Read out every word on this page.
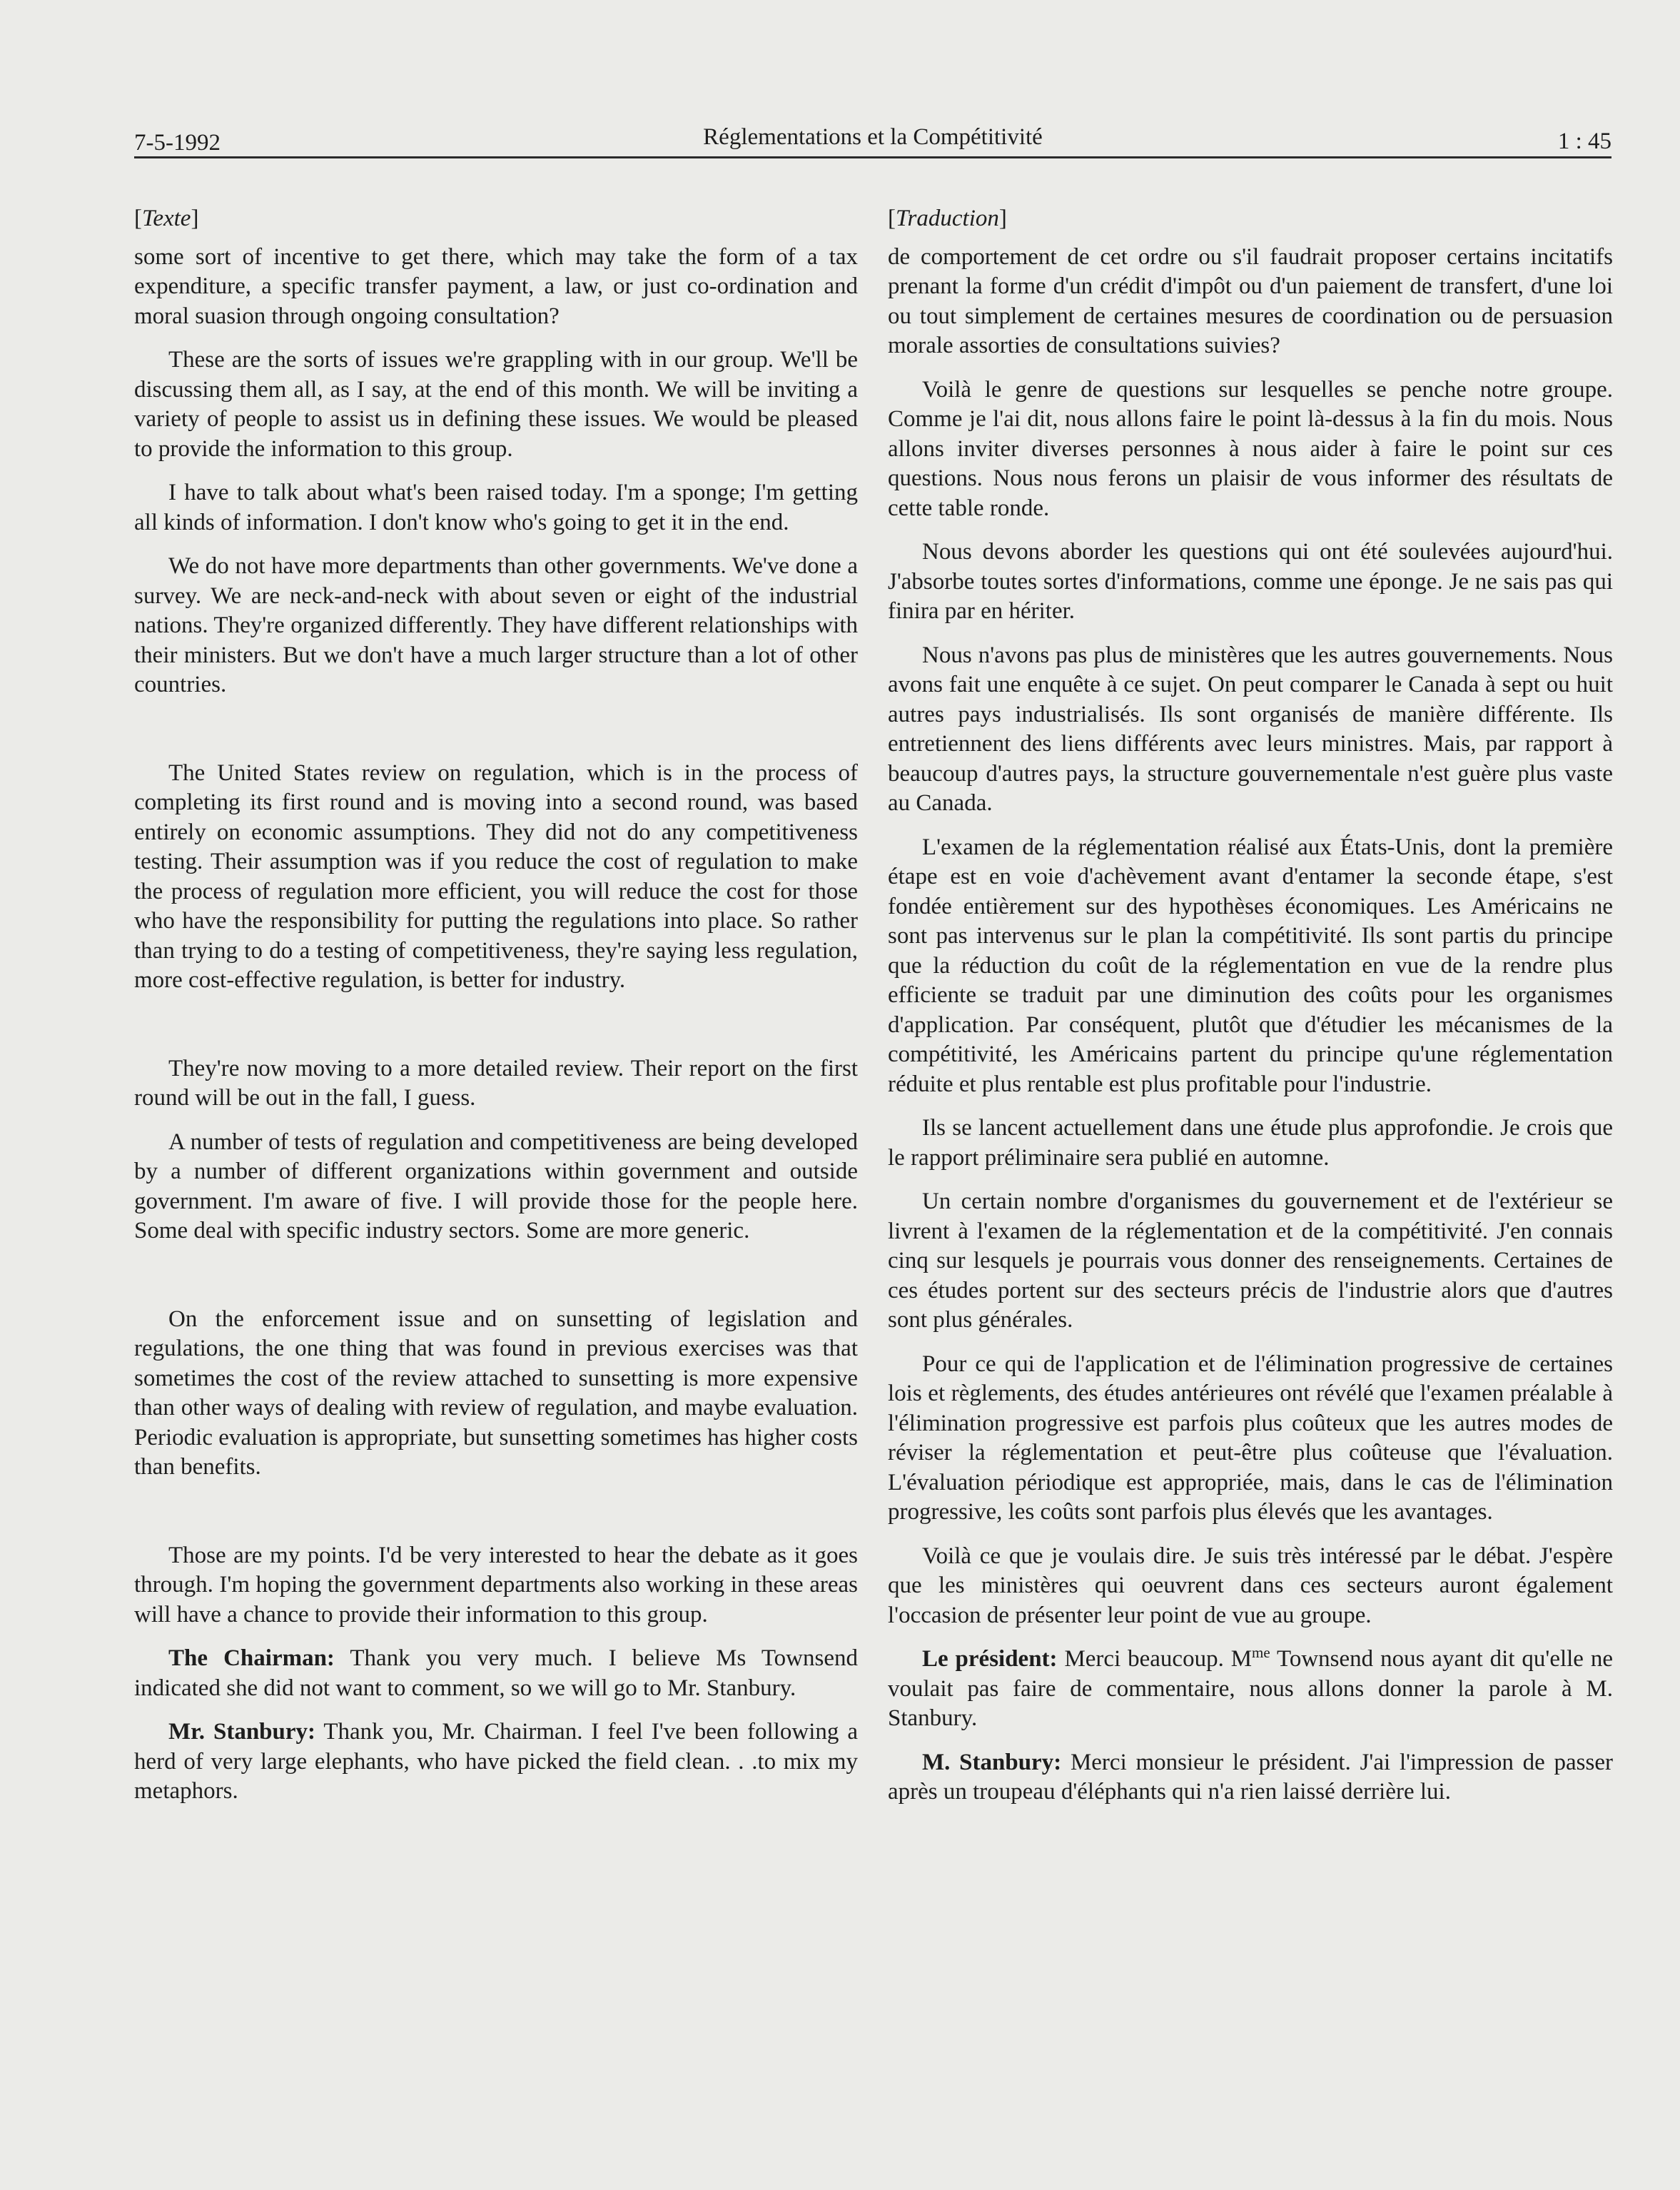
7-5-1992	Réglementations et la Compétitivité	1 : 45
[Texte]

some sort of incentive to get there, which may take the form of a tax expenditure, a specific transfer payment, a law, or just co-ordination and moral suasion through ongoing consultation?

These are the sorts of issues we're grappling with in our group. We'll be discussing them all, as I say, at the end of this month. We will be inviting a variety of people to assist us in defining these issues. We would be pleased to provide the information to this group.

I have to talk about what's been raised today. I'm a sponge; I'm getting all kinds of information. I don't know who's going to get it in the end.

We do not have more departments than other governments. We've done a survey. We are neck-and-neck with about seven or eight of the industrial nations. They're organized differently. They have different relationships with their ministers. But we don't have a much larger structure than a lot of other countries.

The United States review on regulation, which is in the process of completing its first round and is moving into a second round, was based entirely on economic assumptions. They did not do any competitiveness testing. Their assumption was if you reduce the cost of regulation to make the process of regulation more efficient, you will reduce the cost for those who have the responsibility for putting the regulations into place. So rather than trying to do a testing of competitiveness, they're saying less regulation, more cost-effective regulation, is better for industry.

They're now moving to a more detailed review. Their report on the first round will be out in the fall, I guess.

A number of tests of regulation and competitiveness are being developed by a number of different organizations within government and outside government. I'm aware of five. I will provide those for the people here. Some deal with specific industry sectors. Some are more generic.

On the enforcement issue and on sunsetting of legislation and regulations, the one thing that was found in previous exercises was that sometimes the cost of the review attached to sunsetting is more expensive than other ways of dealing with review of regulation, and maybe evaluation. Periodic evaluation is appropriate, but sunsetting sometimes has higher costs than benefits.

Those are my points. I'd be very interested to hear the debate as it goes through. I'm hoping the government departments also working in these areas will have a chance to provide their information to this group.

The Chairman: Thank you very much. I believe Ms Townsend indicated she did not want to comment, so we will go to Mr. Stanbury.

Mr. Stanbury: Thank you, Mr. Chairman. I feel I've been following a herd of very large elephants, who have picked the field clean. . .to mix my metaphors.

[Traduction]

de comportement de cet ordre ou s'il faudrait proposer certains incitatifs prenant la forme d'un crédit d'impôt ou d'un paiement de transfert, d'une loi ou tout simplement de certaines mesures de coordination ou de persuasion morale assorties de consultations suivies?

Voilà le genre de questions sur lesquelles se penche notre groupe. Comme je l'ai dit, nous allons faire le point là-dessus à la fin du mois. Nous allons inviter diverses personnes à nous aider à faire le point sur ces questions. Nous nous ferons un plaisir de vous informer des résultats de cette table ronde.

Nous devons aborder les questions qui ont été soulevées aujourd'hui. J'absorbe toutes sortes d'informations, comme une éponge. Je ne sais pas qui finira par en hériter.

Nous n'avons pas plus de ministères que les autres gouvernements. Nous avons fait une enquête à ce sujet. On peut comparer le Canada à sept ou huit autres pays industrialisés. Ils sont organisés de manière différente. Ils entretiennent des liens différents avec leurs ministres. Mais, par rapport à beaucoup d'autres pays, la structure gouvernementale n'est guère plus vaste au Canada.

L'examen de la réglementation réalisé aux États-Unis, dont la première étape est en voie d'achèvement avant d'entamer la seconde étape, s'est fondée entièrement sur des hypothèses économiques. Les Américains ne sont pas intervenus sur le plan la compétitivité. Ils sont partis du principe que la réduction du coût de la réglementation en vue de la rendre plus efficiente se traduit par une diminution des coûts pour les organismes d'application. Par conséquent, plutôt que d'étudier les mécanismes de la compétitivité, les Américains partent du principe qu'une réglementation réduite et plus rentable est plus profitable pour l'industrie.

Ils se lancent actuellement dans une étude plus approfondie. Je crois que le rapport préliminaire sera publié en automne.

Un certain nombre d'organismes du gouvernement et de l'extérieur se livrent à l'examen de la réglementation et de la compétitivité. J'en connais cinq sur lesquels je pourrais vous donner des renseignements. Certaines de ces études portent sur des secteurs précis de l'industrie alors que d'autres sont plus générales.

Pour ce qui de l'application et de l'élimination progressive de certaines lois et règlements, des études antérieures ont révélé que l'examen préalable à l'élimination progressive est parfois plus coûteux que les autres modes de réviser la réglementation et peut-être plus coûteuse que l'évaluation. L'évaluation périodique est appropriée, mais, dans le cas de l'élimination progressive, les coûts sont parfois plus élevés que les avantages.

Voilà ce que je voulais dire. Je suis très intéressé par le débat. J'espère que les ministères qui oeuvrent dans ces secteurs auront également l'occasion de présenter leur point de vue au groupe.

Le président: Merci beaucoup. $M^{me}$ Townsend nous ayant dit qu'elle ne voulait pas faire de commentaire, nous allons donner la parole à M. Stanbury.

M. Stanbury: Merci monsieur le président. J'ai l'impression de passer après un troupeau d'éléphants qui n'a rien laissé derrière lui.
